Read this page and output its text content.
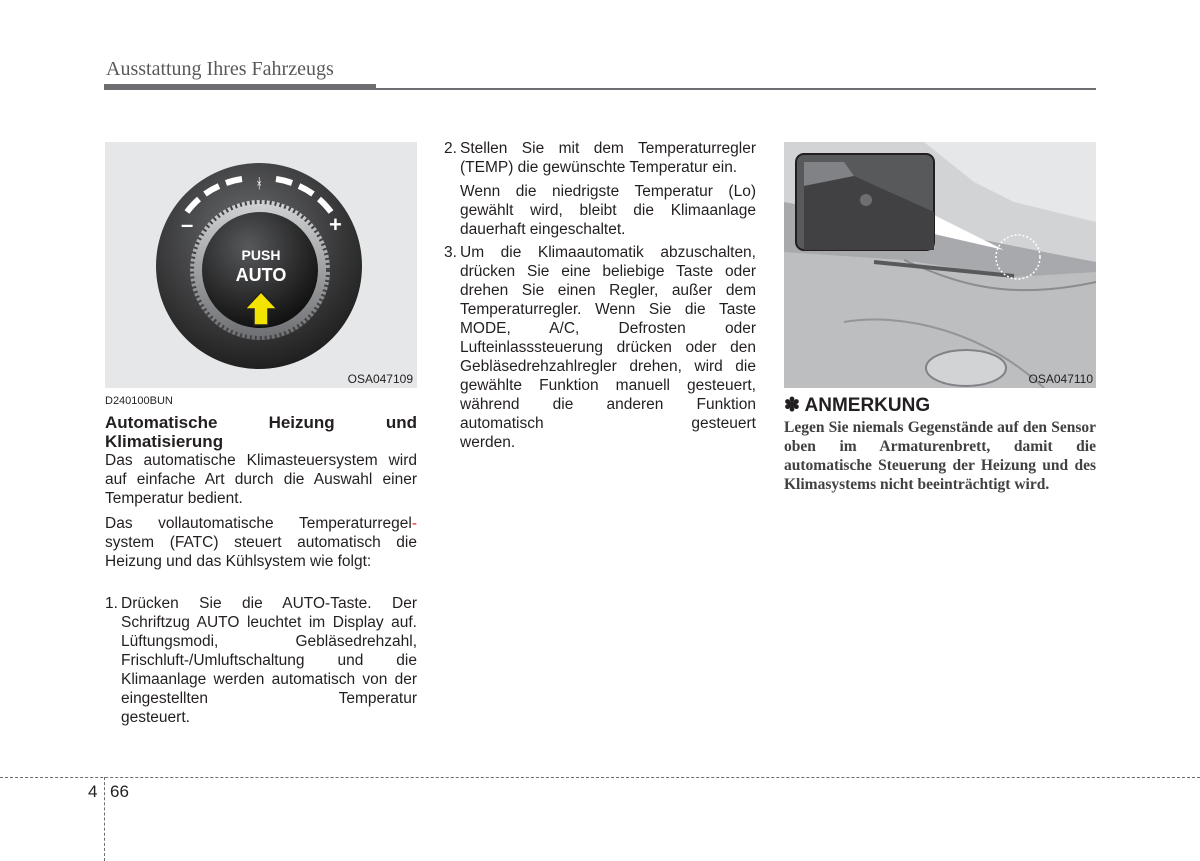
Ausstattung Ihres Fahrzeugs
ᚼ
–	+
PUSH
AUTO
OSA047109	OSA047110
D240100BUN
Automatische Heizung und
Klimatisierung

Das automatische Klimasteuersystem wird auf einfache Art durch die Auswahl einer Temperatur bedient.

Das vollautomatische Temperaturregel- system (FATC) steuert automatisch die Heizung und das Kühlsystem wie folgt:

1. Drücken Sie die AUTO-Taste. Der Schriftzug AUTO leuchtet im Display auf. Lüftungsmodi, Gebläsedrehzahl, Frischluft-/Umluftschaltung und die Klimaanlage werden automatisch von der eingestellten Temperatur

gesteuert.

2. Stellen Sie mit dem Temperaturregler (TEMP) die gewünschte Temperatur ein.

Wenn die niedrigste Temperatur (Lo) gewählt wird, bleibt die Klimaanlage dauerhaft eingeschaltet.

3. Um die Klimaautomatik abzuschalten, drücken Sie eine beliebige Taste oder drehen Sie einen Regler, außer dem Temperaturregler. Wenn Sie die Taste MODE, A/C, Defrosten oder Lufteinlasssteuerung drücken oder den Gebläsedrehzahlregler drehen, wird die gewählte Funktion manuell gesteuert, während die anderen Funktion automatisch gesteuert

werden.

✽ ANMERKUNG
Legen Sie niemals Gegenstände auf den Sensor oben im Armaturenbrett, damit die automatische Steuerung der Heizung und des Klimasystems nicht beeinträchtigt wird.
4 66
